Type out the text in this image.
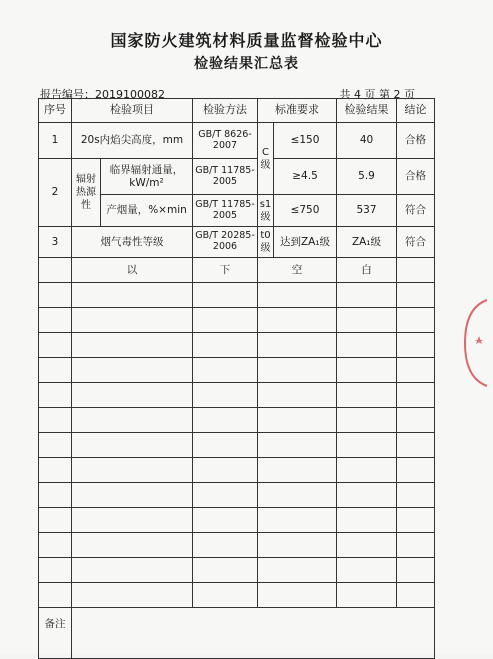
国家防火建筑材料质量监督检验中心
检验结果汇总表
报告编号：2019100082	共 4 页 第 2 页
序号	检验项目		检验方法	标准要求		检验结果	结论
1	20s内焰尖高度，mm		GB/T 8626-2007	C级	≤150	40	合格
2	辐射热源性	临界辐射通量，kW/m²	GB/T 11785-2005		≥4.5	5.9	合格
		产烟量，%×min	GB/T 11785-2005	s1级	≤750	537	符合
3	烟气毒性等级		GB/T 20285-2006	t0级	达到ZA₁级	ZA₁级	符合
	以		下	空		白	

备注							
